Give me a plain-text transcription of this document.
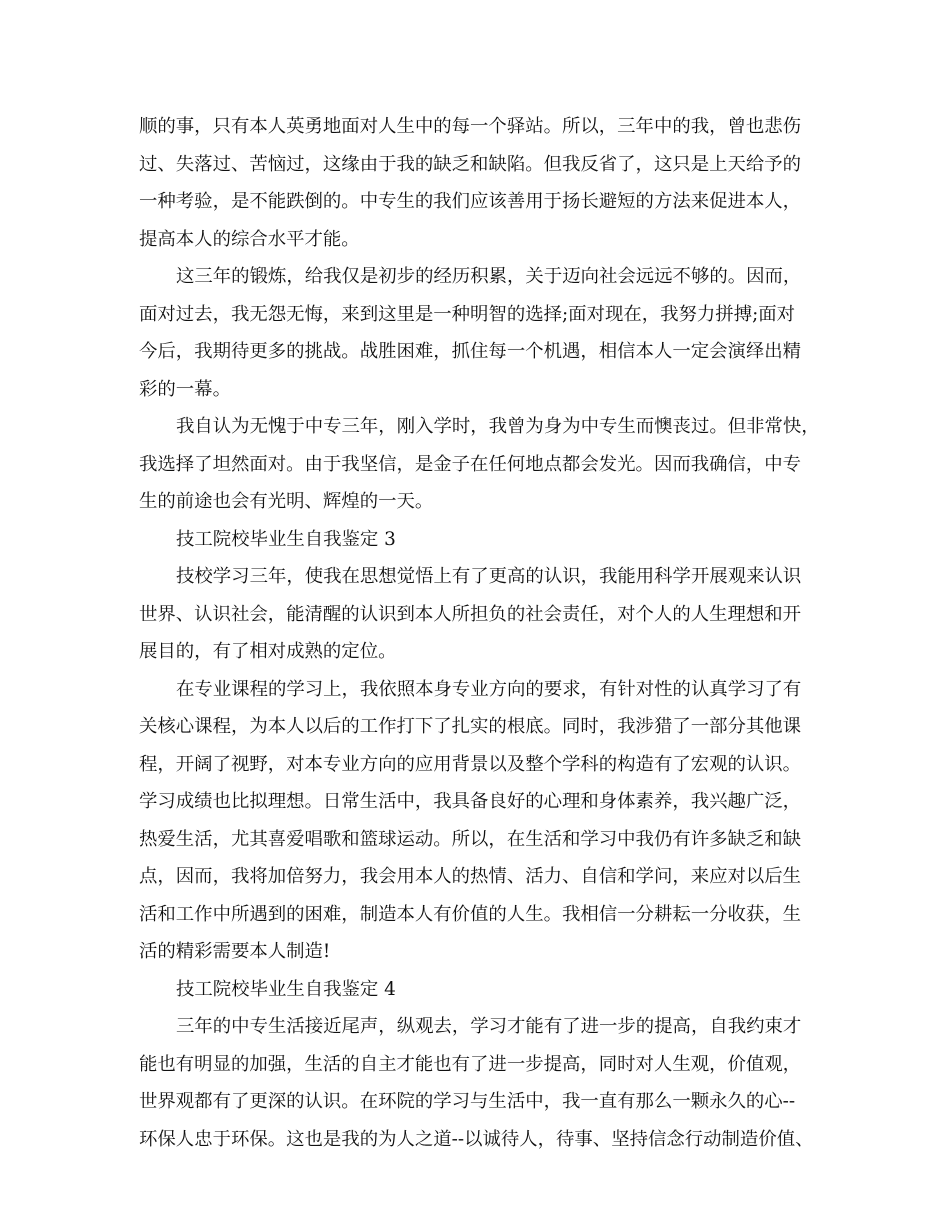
顺的事，只有本人英勇地面对人生中的每一个驿站。所以，三年中的我，曾也悲伤
过、失落过、苦恼过，这缘由于我的缺乏和缺陷。但我反省了，这只是上天给予的
一种考验，是不能跌倒的。中专生的我们应该善用于扬长避短的方法来促进本人，
提高本人的综合水平才能。
这三年的锻炼，给我仅是初步的经历积累，关于迈向社会远远不够的。因而，
面对过去，我无怨无悔，来到这里是一种明智的选择;面对现在，我努力拼搏;面对
今后，我期待更多的挑战。战胜困难，抓住每一个机遇，相信本人一定会演绎出精
彩的一幕。
我自认为无愧于中专三年，刚入学时，我曾为身为中专生而懊丧过。但非常快，
我选择了坦然面对。由于我坚信，是金子在任何地点都会发光。因而我确信，中专
生的前途也会有光明、辉煌的一天。
技工院校毕业生自我鉴定 3
技校学习三年，使我在思想觉悟上有了更高的认识，我能用科学开展观来认识
世界、认识社会，能清醒的认识到本人所担负的社会责任，对个人的人生理想和开
展目的，有了相对成熟的定位。
在专业课程的学习上，我依照本身专业方向的要求，有针对性的认真学习了有
关核心课程，为本人以后的工作打下了扎实的根底。同时，我涉猎了一部分其他课
程，开阔了视野，对本专业方向的应用背景以及整个学科的构造有了宏观的认识。
学习成绩也比拟理想。日常生活中，我具备良好的心理和身体素养，我兴趣广泛，
热爱生活，尤其喜爱唱歌和篮球运动。所以，在生活和学习中我仍有许多缺乏和缺
点，因而，我将加倍努力，我会用本人的热情、活力、自信和学问，来应对以后生
活和工作中所遇到的困难，制造本人有价值的人生。我相信一分耕耘一分收获，生
活的精彩需要本人制造!
技工院校毕业生自我鉴定 4
三年的中专生活接近尾声，纵观去，学习才能有了进一步的提高，自我约束才
能也有明显的加强，生活的自主才能也有了进一步提高，同时对人生观，价值观，
世界观都有了更深的认识。在环院的学习与生活中，我一直有那么一颗永久的心--
环保人忠于环保。这也是我的为人之道--以诚待人，待事、坚持信念行动制造价值、
